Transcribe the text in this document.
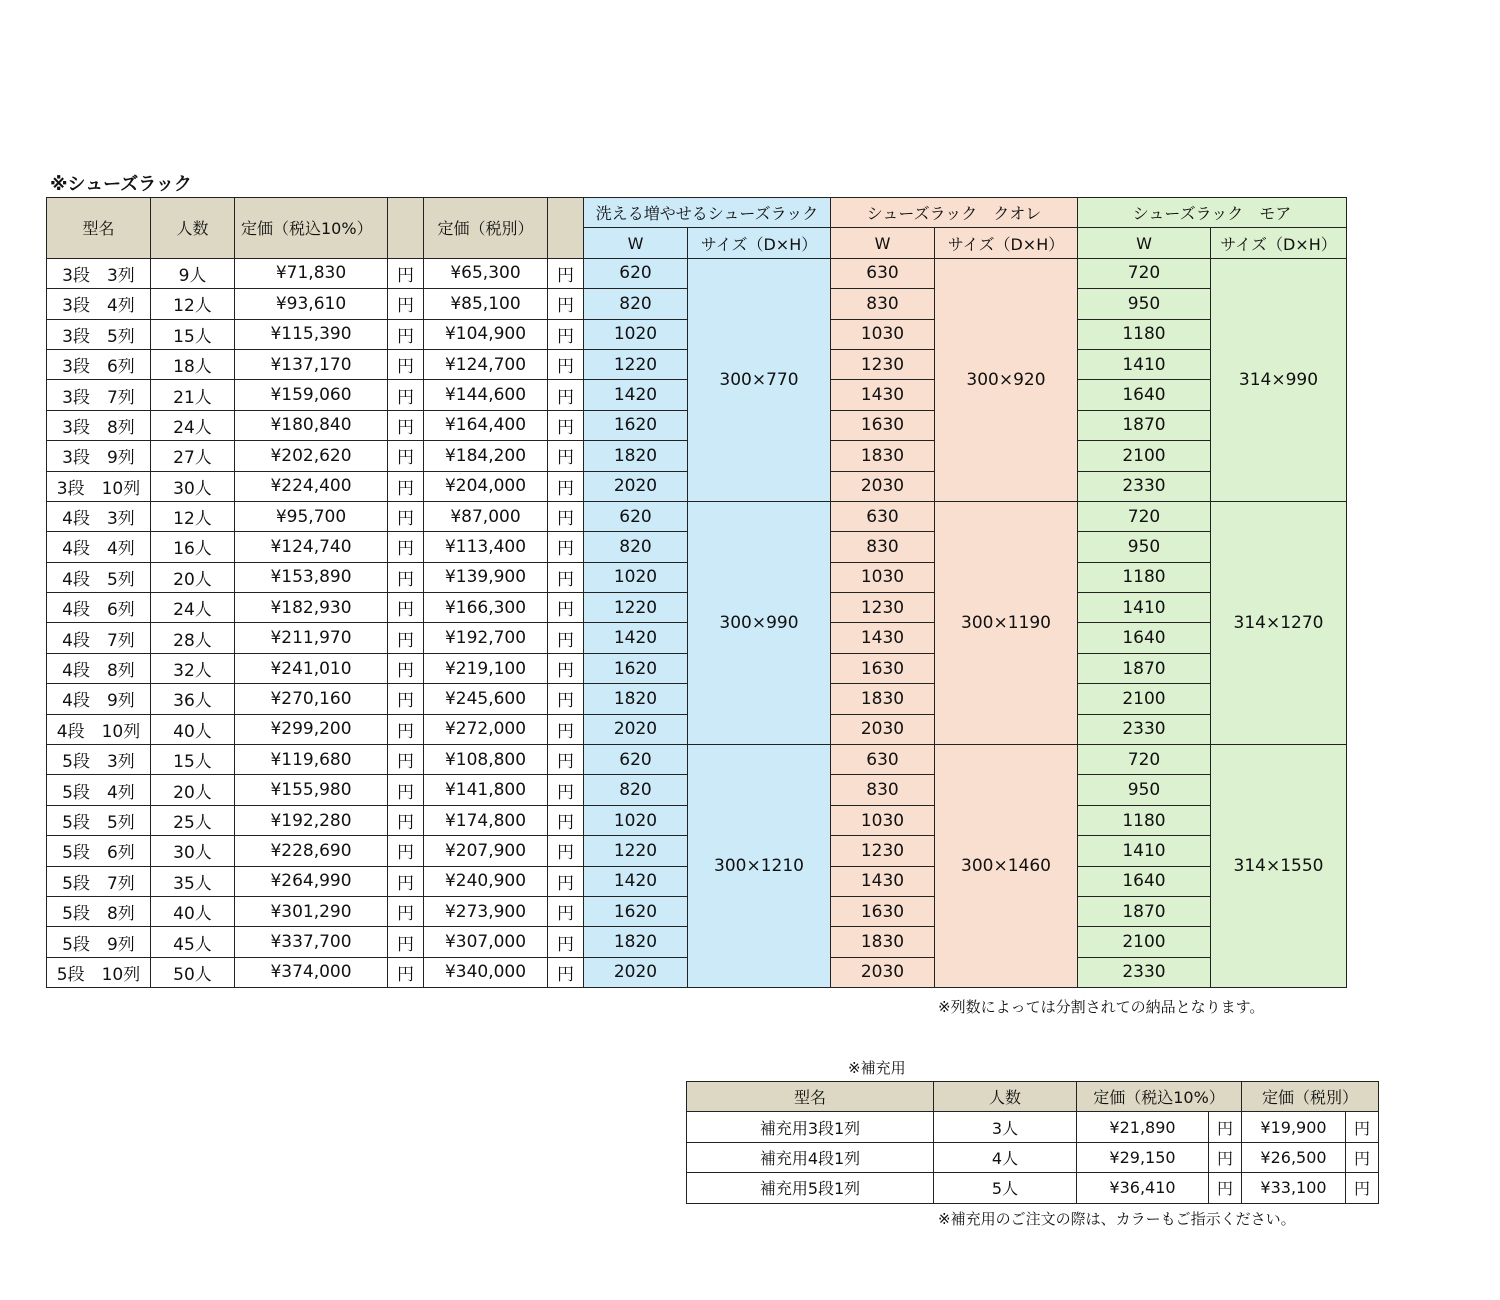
※シューズラック
型名	人数	定価（税込10%）		定価（税別）		洗える増やせるシューズラック		シューズラック　クオレ		シューズラック　モア	
						W	サイズ（D×H）	W	サイズ（D×H）	W	サイズ（D×H）
3段　3列	9人	¥71,830	円	¥65,300	円	620	300×770	630	300×920	720	314×990
3段　4列	12人	¥93,610	円	¥85,100	円	820		830		950	
3段　5列	15人	¥115,390	円	¥104,900	円	1020		1030		1180	
3段　6列	18人	¥137,170	円	¥124,700	円	1220		1230		1410	
3段　7列	21人	¥159,060	円	¥144,600	円	1420		1430		1640	
3段　8列	24人	¥180,840	円	¥164,400	円	1620		1630		1870	
3段　9列	27人	¥202,620	円	¥184,200	円	1820		1830		2100	
3段　10列	30人	¥224,400	円	¥204,000	円	2020		2030		2330	
4段　3列	12人	¥95,700	円	¥87,000	円	620	300×990	630	300×1190	720	314×1270
4段　4列	16人	¥124,740	円	¥113,400	円	820		830		950	
4段　5列	20人	¥153,890	円	¥139,900	円	1020		1030		1180	
4段　6列	24人	¥182,930	円	¥166,300	円	1220		1230		1410	
4段　7列	28人	¥211,970	円	¥192,700	円	1420		1430		1640	
4段　8列	32人	¥241,010	円	¥219,100	円	1620		1630		1870	
4段　9列	36人	¥270,160	円	¥245,600	円	1820		1830		2100	
4段　10列	40人	¥299,200	円	¥272,000	円	2020		2030		2330	
5段　3列	15人	¥119,680	円	¥108,800	円	620	300×1210	630	300×1460	720	314×1550
5段　4列	20人	¥155,980	円	¥141,800	円	820		830		950	
5段　5列	25人	¥192,280	円	¥174,800	円	1020		1030		1180	
5段　6列	30人	¥228,690	円	¥207,900	円	1220		1230		1410	
5段　7列	35人	¥264,990	円	¥240,900	円	1420		1430		1640	
5段　8列	40人	¥301,290	円	¥273,900	円	1620		1630		1870	
5段　9列	45人	¥337,700	円	¥307,000	円	1820		1830		2100	
5段　10列	50人	¥374,000	円	¥340,000	円	2020		2030		2330	
※列数によっては分割されての納品となります。
※補充用
型名	人数	定価（税込10%）		定価（税別）	
補充用3段1列	3人	¥21,890	円	¥19,900	円
補充用4段1列	4人	¥29,150	円	¥26,500	円
補充用5段1列	5人	¥36,410	円	¥33,100	円
※補充用のご注文の際は、カラーもご指示ください。
